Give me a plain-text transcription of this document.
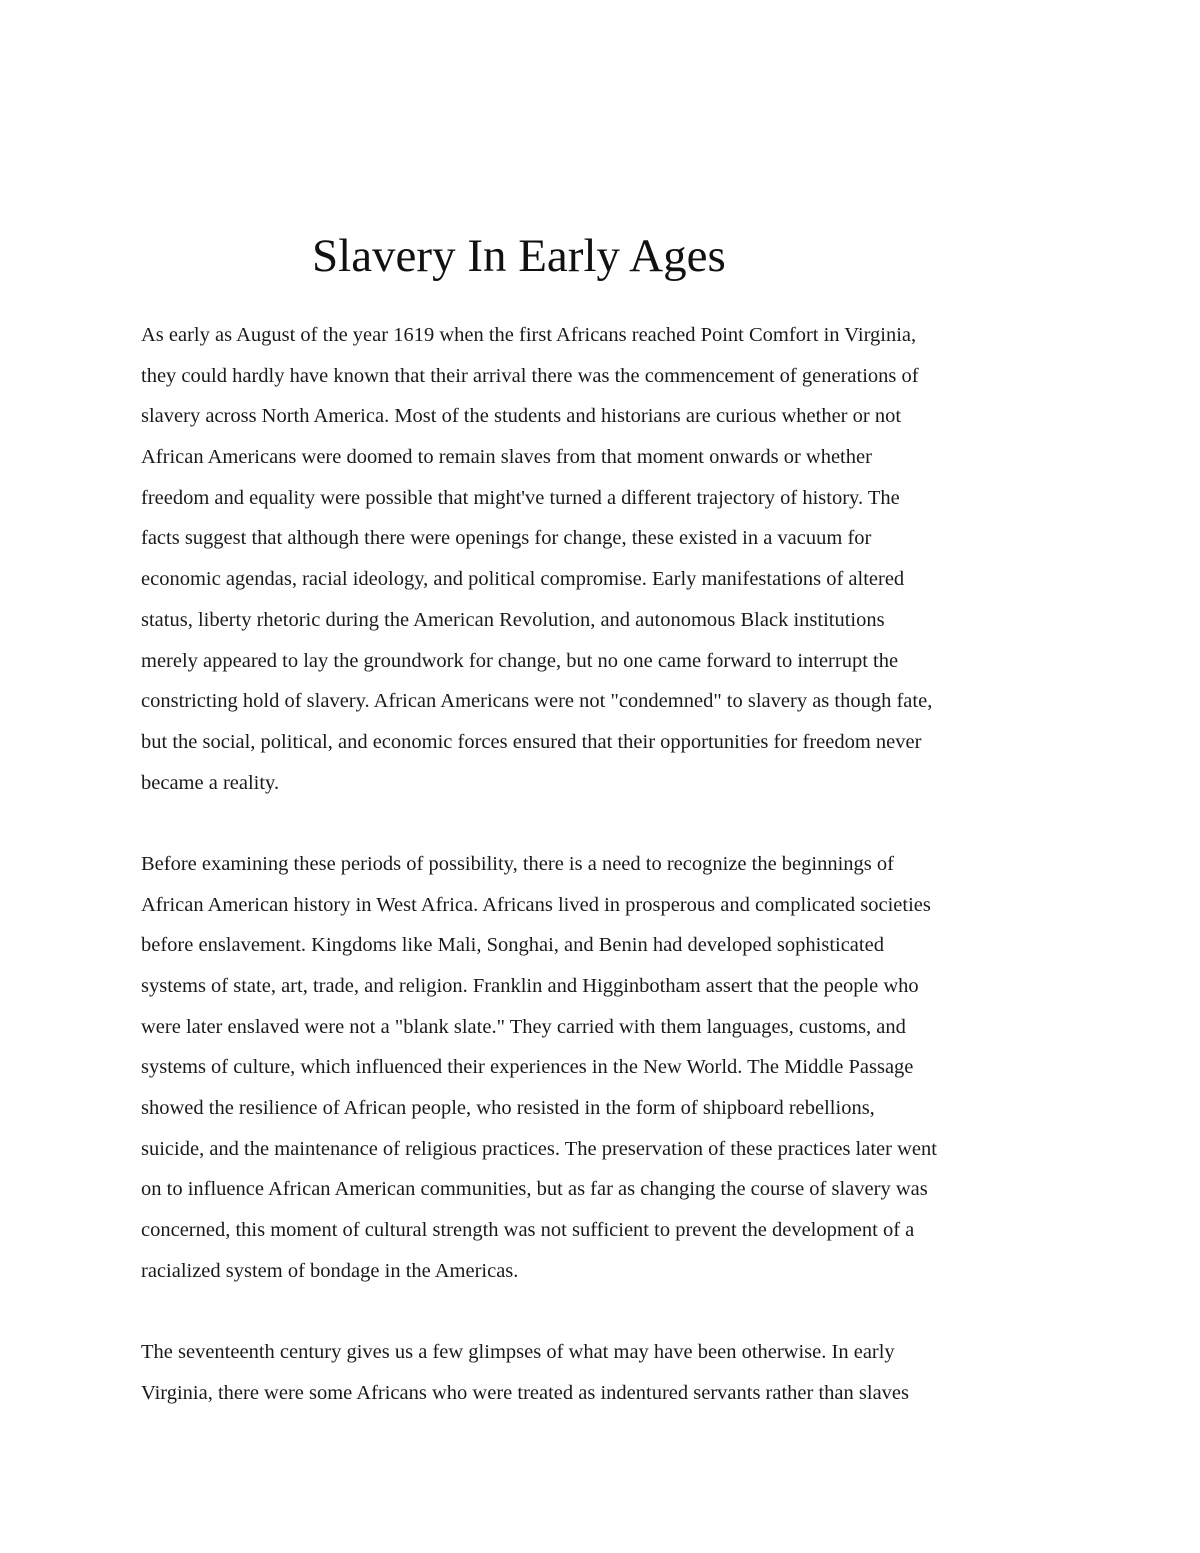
Slavery In Early Ages

As early as August of the year 1619 when the first Africans reached Point Comfort in Virginia,
they could hardly have known that their arrival there was the commencement of generations of
slavery across North America. Most of the students and historians are curious whether or not
African Americans were doomed to remain slaves from that moment onwards or whether
freedom and equality were possible that might've turned a different trajectory of history. The
facts suggest that although there were openings for change, these existed in a vacuum for
economic agendas, racial ideology, and political compromise. Early manifestations of altered
status, liberty rhetoric during the American Revolution, and autonomous Black institutions
merely appeared to lay the groundwork for change, but no one came forward to interrupt the
constricting hold of slavery. African Americans were not "condemned" to slavery as though fate,
but the social, political, and economic forces ensured that their opportunities for freedom never
became a reality.

Before examining these periods of possibility, there is a need to recognize the beginnings of
African American history in West Africa. Africans lived in prosperous and complicated societies
before enslavement. Kingdoms like Mali, Songhai, and Benin had developed sophisticated
systems of state, art, trade, and religion. Franklin and Higginbotham assert that the people who
were later enslaved were not a "blank slate." They carried with them languages, customs, and
systems of culture, which influenced their experiences in the New World. The Middle Passage
showed the resilience of African people, who resisted in the form of shipboard rebellions,
suicide, and the maintenance of religious practices. The preservation of these practices later went
on to influence African American communities, but as far as changing the course of slavery was
concerned, this moment of cultural strength was not sufficient to prevent the development of a
racialized system of bondage in the Americas.

The seventeenth century gives us a few glimpses of what may have been otherwise. In early
Virginia, there were some Africans who were treated as indentured servants rather than slaves
